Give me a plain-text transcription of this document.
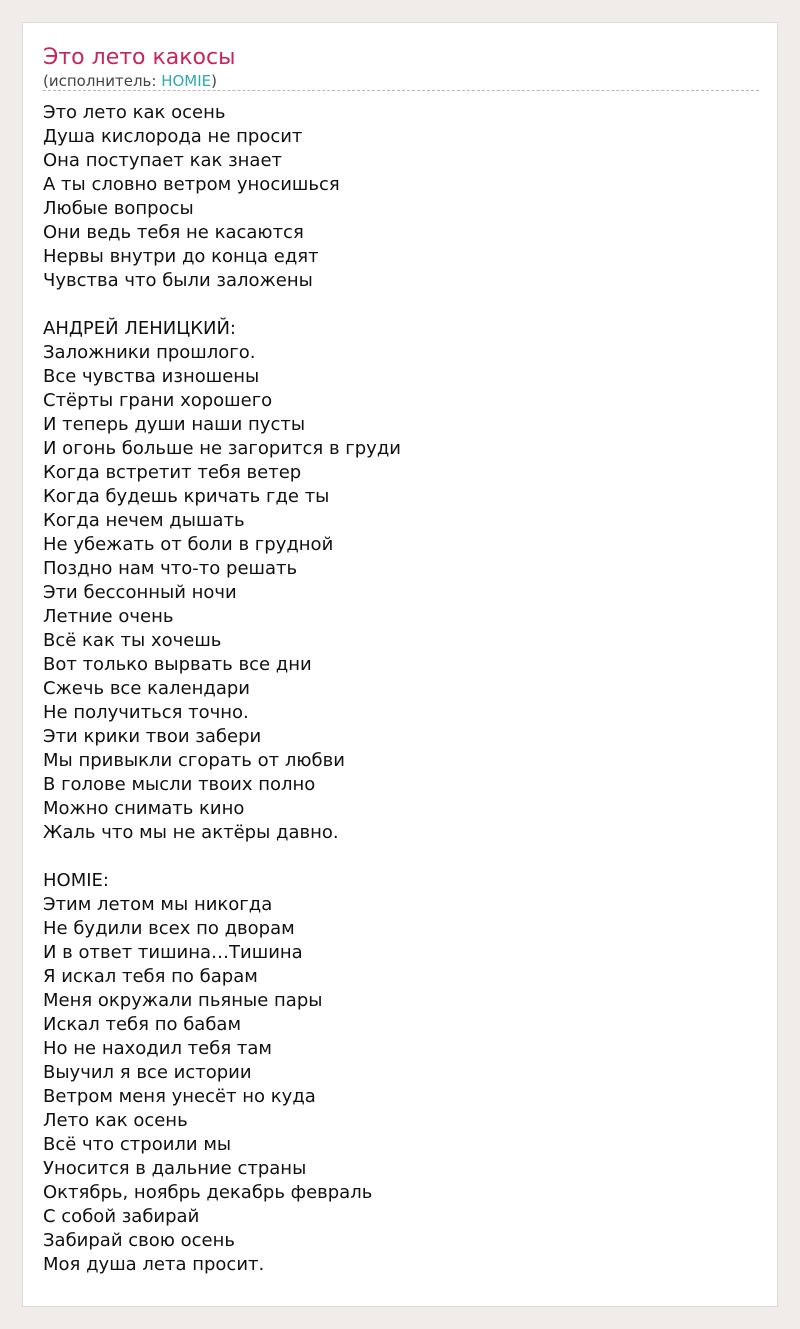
Это лето какосы
(исполнитель: HOMIE)
Это лето как осень
Душа кислорода не просит
Она поступает как знает
А ты словно ветром уносишься
Любые вопросы
Они ведь тебя не касаются
Нервы внутри до конца едят
Чувства что были заложены
АНДРЕЙ ЛЕНИЦКИЙ:
Заложники прошлого.
Все чувства изношены
Стёрты грани хорошего
И теперь души наши пусты
И огонь больше не загорится в груди
Когда встретит тебя ветер
Когда будешь кричать где ты
Когда нечем дышать
Не убежать от боли в грудной
Поздно нам что-то решать
Эти бессонный ночи
Летние очень
Всё как ты хочешь
Вот только вырвать все дни
Сжечь все календари
Не получиться точно.
Эти крики твои забери
Мы привыкли сгорать от любви
В голове мысли твоих полно
Можно снимать кино
Жаль что мы не актёры давно.
HOMIE:
Этим летом мы никогда
Не будили всех по дворам
И в ответ тишина…Тишина
Я искал тебя по барам
Меня окружали пьяные пары
Искал тебя по бабам
Но не находил тебя там
Выучил я все истории
Ветром меня унесёт но куда
Лето как осень
Всё что строили мы
Уносится в дальние страны
Октябрь, ноябрь декабрь февраль
С собой забирай
Забирай свою осень
Моя душа лета просит.
